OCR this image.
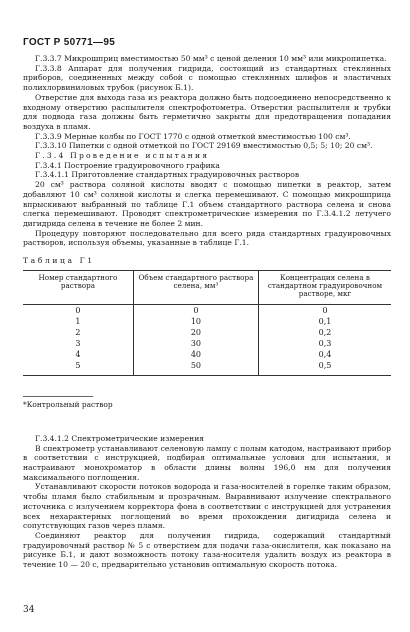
ГОСТ Р 50771—95

Г.3.3.7 Микрошприц вместимостью 50 мм³ с ценой деления 10 мм³ или микропипетка.

Г.3.3.8 Аппарат для получения гидрида, состоящий из стандартных стеклянных приборов, соединенных между собой с помощью стеклянных шлифов и эластичных полихлорвиниловых трубок (рисунок Б.1).

Отверстие для выхода газа из реактора должно быть подсоединено непосредственно к входному отверстию распылителя спектрофотометра. Отверстия распылителя и трубки для подвода газа должны быть герметично закрыты для предотвращения попадания воздуха в пламя.

Г.3.3.9 Мерные колбы по ГОСТ 1770 с одной отметкой вместимостью 100 см³.

Г.3.3.10 Пипетки с одной отметкой по ГОСТ 29169 вместимостью 0,5; 5; 10; 20 см³.

Г.3.4 Проведение испытания

Г.3.4.1 Построение градуировочного графика

Г.3.4.1.1 Приготовление стандартных градуировочных растворов

20 см³ раствора соляной кислоты вводят с помощью пипетки в реактор, затем добавляют 10 см³ соляной кислоты и слегка перемешивают. С помощью микрошприца впрыскивают выбранный по таблице Г.1 объем стандартного раствора селена и снова слегка перемешивают. Проводят спектрометрические измерения по Г.3.4.1.2 летучего дигидрида селена в течение не более 2 мин.

Процедуру повторяют последовательно для всего ряда стандартных градуировочных растворов, используя объемы, указанные в таблице Г.1.

Таблица Г1
Номер стандартного раствора	Объем стандартного раствора селена, мм³	Концентрация селена в стандартном градуировочном растворе, мкг
0	0	0
1	10	0,1
2	20	0,2
3	30	0,3
4	40	0,4
5	50	0,5
*Контрольный раствор

Г.3.4.1.2 Спектрометрические измерения

В спектрометр устанавливают селеновую лампу с полым катодом, настраивают прибор в соответствии с инструкцией, подбирая оптимальные условия для испытания, и настраивают монохроматор в области длины волны 196,0 нм для получения максимального поглощения.

Устанавливают скорости потоков водорода и газа-носителей в горелке таким образом, чтобы пламя было стабильным и прозрачным. Выравнивают излучение спектрального источника с излучением корректора фона в соответствии с инструкцией для устранения всех нехарактерных поглощений во время прохождения дигидрида селена и сопутствующих газов через пламя.

Соединяют реактор для получения гидрида, содержащий стандартный градуировочный раствор № 5 с отверстием для подачи газа-окислителя, как показано на рисунке Б.1, и дают возможность потоку газа-носителя удалить воздух из реактора в течение 10 — 20 с, предварительно установив оптимальную скорость потока.

34
